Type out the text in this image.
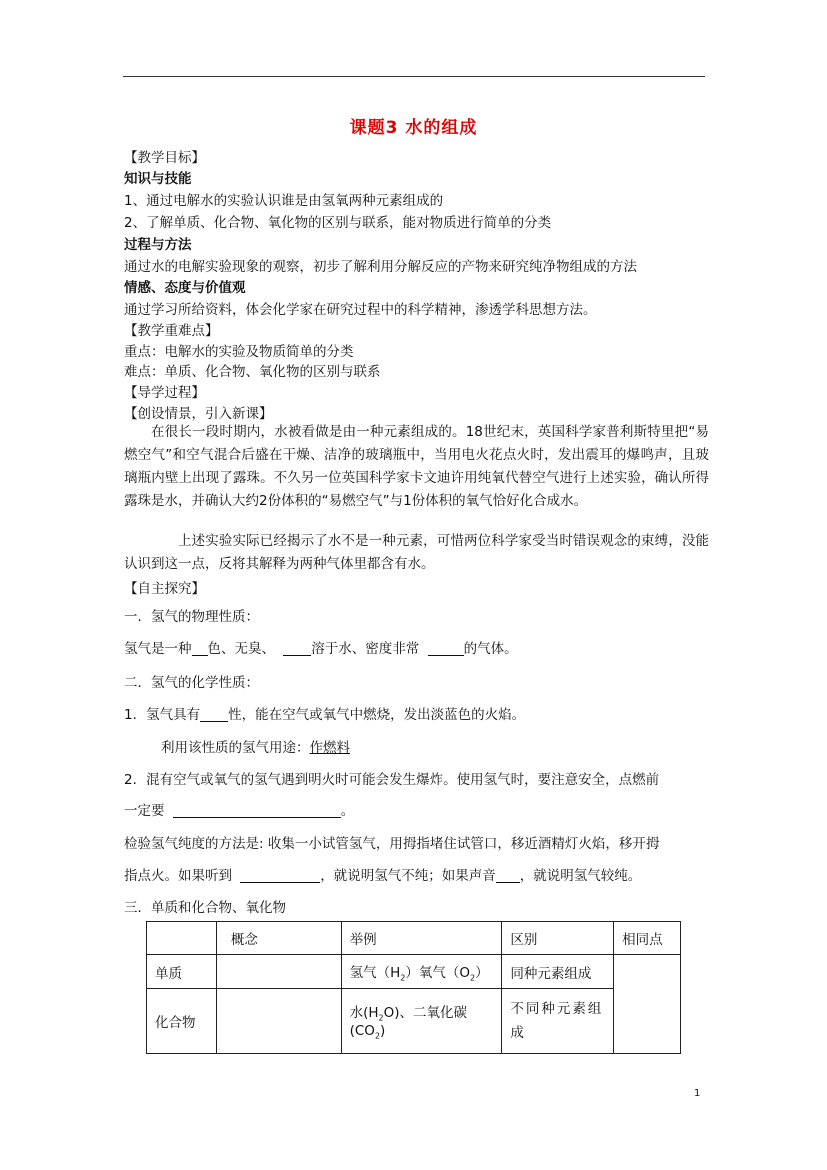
课题3 水的组成
【教学目标】
知识与技能
1、通过电解水的实验认识谁是由氢氧两种元素组成的
2、了解单质、化合物、氧化物的区别与联系，能对物质进行简单的分类
过程与方法
通过水的电解实验现象的观察，初步了解利用分解反应的产物来研究纯净物组成的方法
情感、态度与价值观
通过学习所给资料，体会化学家在研究过程中的科学精神，渗透学科思想方法。
【教学重难点】
重点：电解水的实验及物质简单的分类
难点：单质、化合物、氧化物的区别与联系
【导学过程】
【创设情景，引入新课】
在很长一段时期内，水被看做是由一种元素组成的。18世纪末，英国科学家普利斯特里把“易燃空气”和空气混合后盛在干燥、洁净的玻璃瓶中，当用电火花点火时，发出震耳的爆鸣声，且玻璃瓶内壁上出现了露珠。不久另一位英国科学家卡文迪许用纯氧代替空气进行上述实验，确认所得露珠是水，并确认大约2份体积的“易燃空气”与1份体积的氧气恰好化合成水。
上述实验实际已经揭示了水不是一种元素，可惜两位科学家受当时错误观念的束缚，没能认识到这一点，反将其解释为两种气体里都含有水。
【自主探究】
一．氢气的物理性质：
氢气是一种 色、无臭、	溶于水、密度非常	的气体。
二．氢气的化学性质：
1．氢气具有 性，能在空气或氧气中燃烧，发出淡蓝色的火焰。
利用该性质的氢气用途：作燃料
2．混有空气或氧气的氢气遇到明火时可能会发生爆炸。使用氢气时，要注意安全，点燃前
一定要	。
检验氢气纯度的方法是: 收集一小试管氢气，用拇指堵住试管口，移近酒精灯火焰，移开拇
指点火。如果听到	，就说明氢气不纯；如果声音 ，就说明氢气较纯。
三．单质和化合物、氧化物
	概念	举例	区别	相同点
单质		氢气$(H_2)$氧气$(O_2)$	同种元素组成	
化合物		水$(H_2O)$、二氧化碳$(CO_2)$	不同种元素组成	
1
